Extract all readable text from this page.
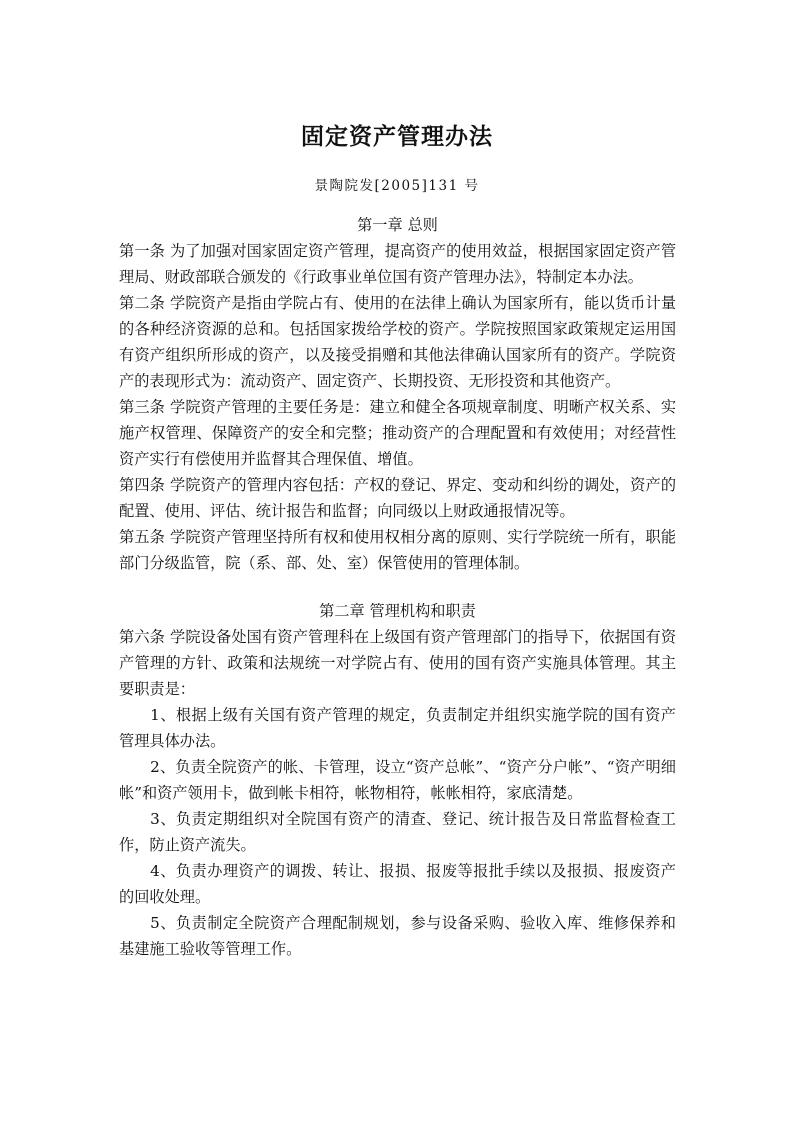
固定资产管理办法
景陶院发[2005]131 号

第一章 总则

第一条 为了加强对国家固定资产管理，提高资产的使用效益，根据国家固定资产管理局、财政部联合颁发的《行政事业单位国有资产管理办法》，特制定本办法。

第二条 学院资产是指由学院占有、使用的在法律上确认为国家所有，能以货币计量的各种经济资源的总和。包括国家拨给学校的资产。学院按照国家政策规定运用国有资产组织所形成的资产，以及接受捐赠和其他法律确认国家所有的资产。学院资产的表现形式为：流动资产、固定资产、长期投资、无形投资和其他资产。

第三条 学院资产管理的主要任务是：建立和健全各项规章制度、明晰产权关系、实施产权管理、保障资产的安全和完整；推动资产的合理配置和有效使用；对经营性资产实行有偿使用并监督其合理保值、增值。

第四条 学院资产的管理内容包括：产权的登记、界定、变动和纠纷的调处，资产的配置、使用、评估、统计报告和监督；向同级以上财政通报情况等。

第五条 学院资产管理坚持所有权和使用权相分离的原则、实行学院统一所有，职能部门分级监管，院（系、部、处、室）保管使用的管理体制。

第二章 管理机构和职责

第六条 学院设备处国有资产管理科在上级国有资产管理部门的指导下，依据国有资产管理的方针、政策和法规统一对学院占有、使用的国有资产实施具体管理。其主要职责是：

1、根据上级有关国有资产管理的规定，负责制定并组织实施学院的国有资产管理具体办法。

2、负责全院资产的帐、卡管理，设立“资产总帐”、“资产分户帐”、“资产明细帐”和资产领用卡，做到帐卡相符，帐物相符，帐帐相符，家底清楚。

3、负责定期组织对全院国有资产的清查、登记、统计报告及日常监督检查工作，防止资产流失。

4、负责办理资产的调拨、转让、报损、报废等报批手续以及报损、报废资产的回收处理。

5、负责制定全院资产合理配制规划，参与设备采购、验收入库、维修保养和基建施工验收等管理工作。
